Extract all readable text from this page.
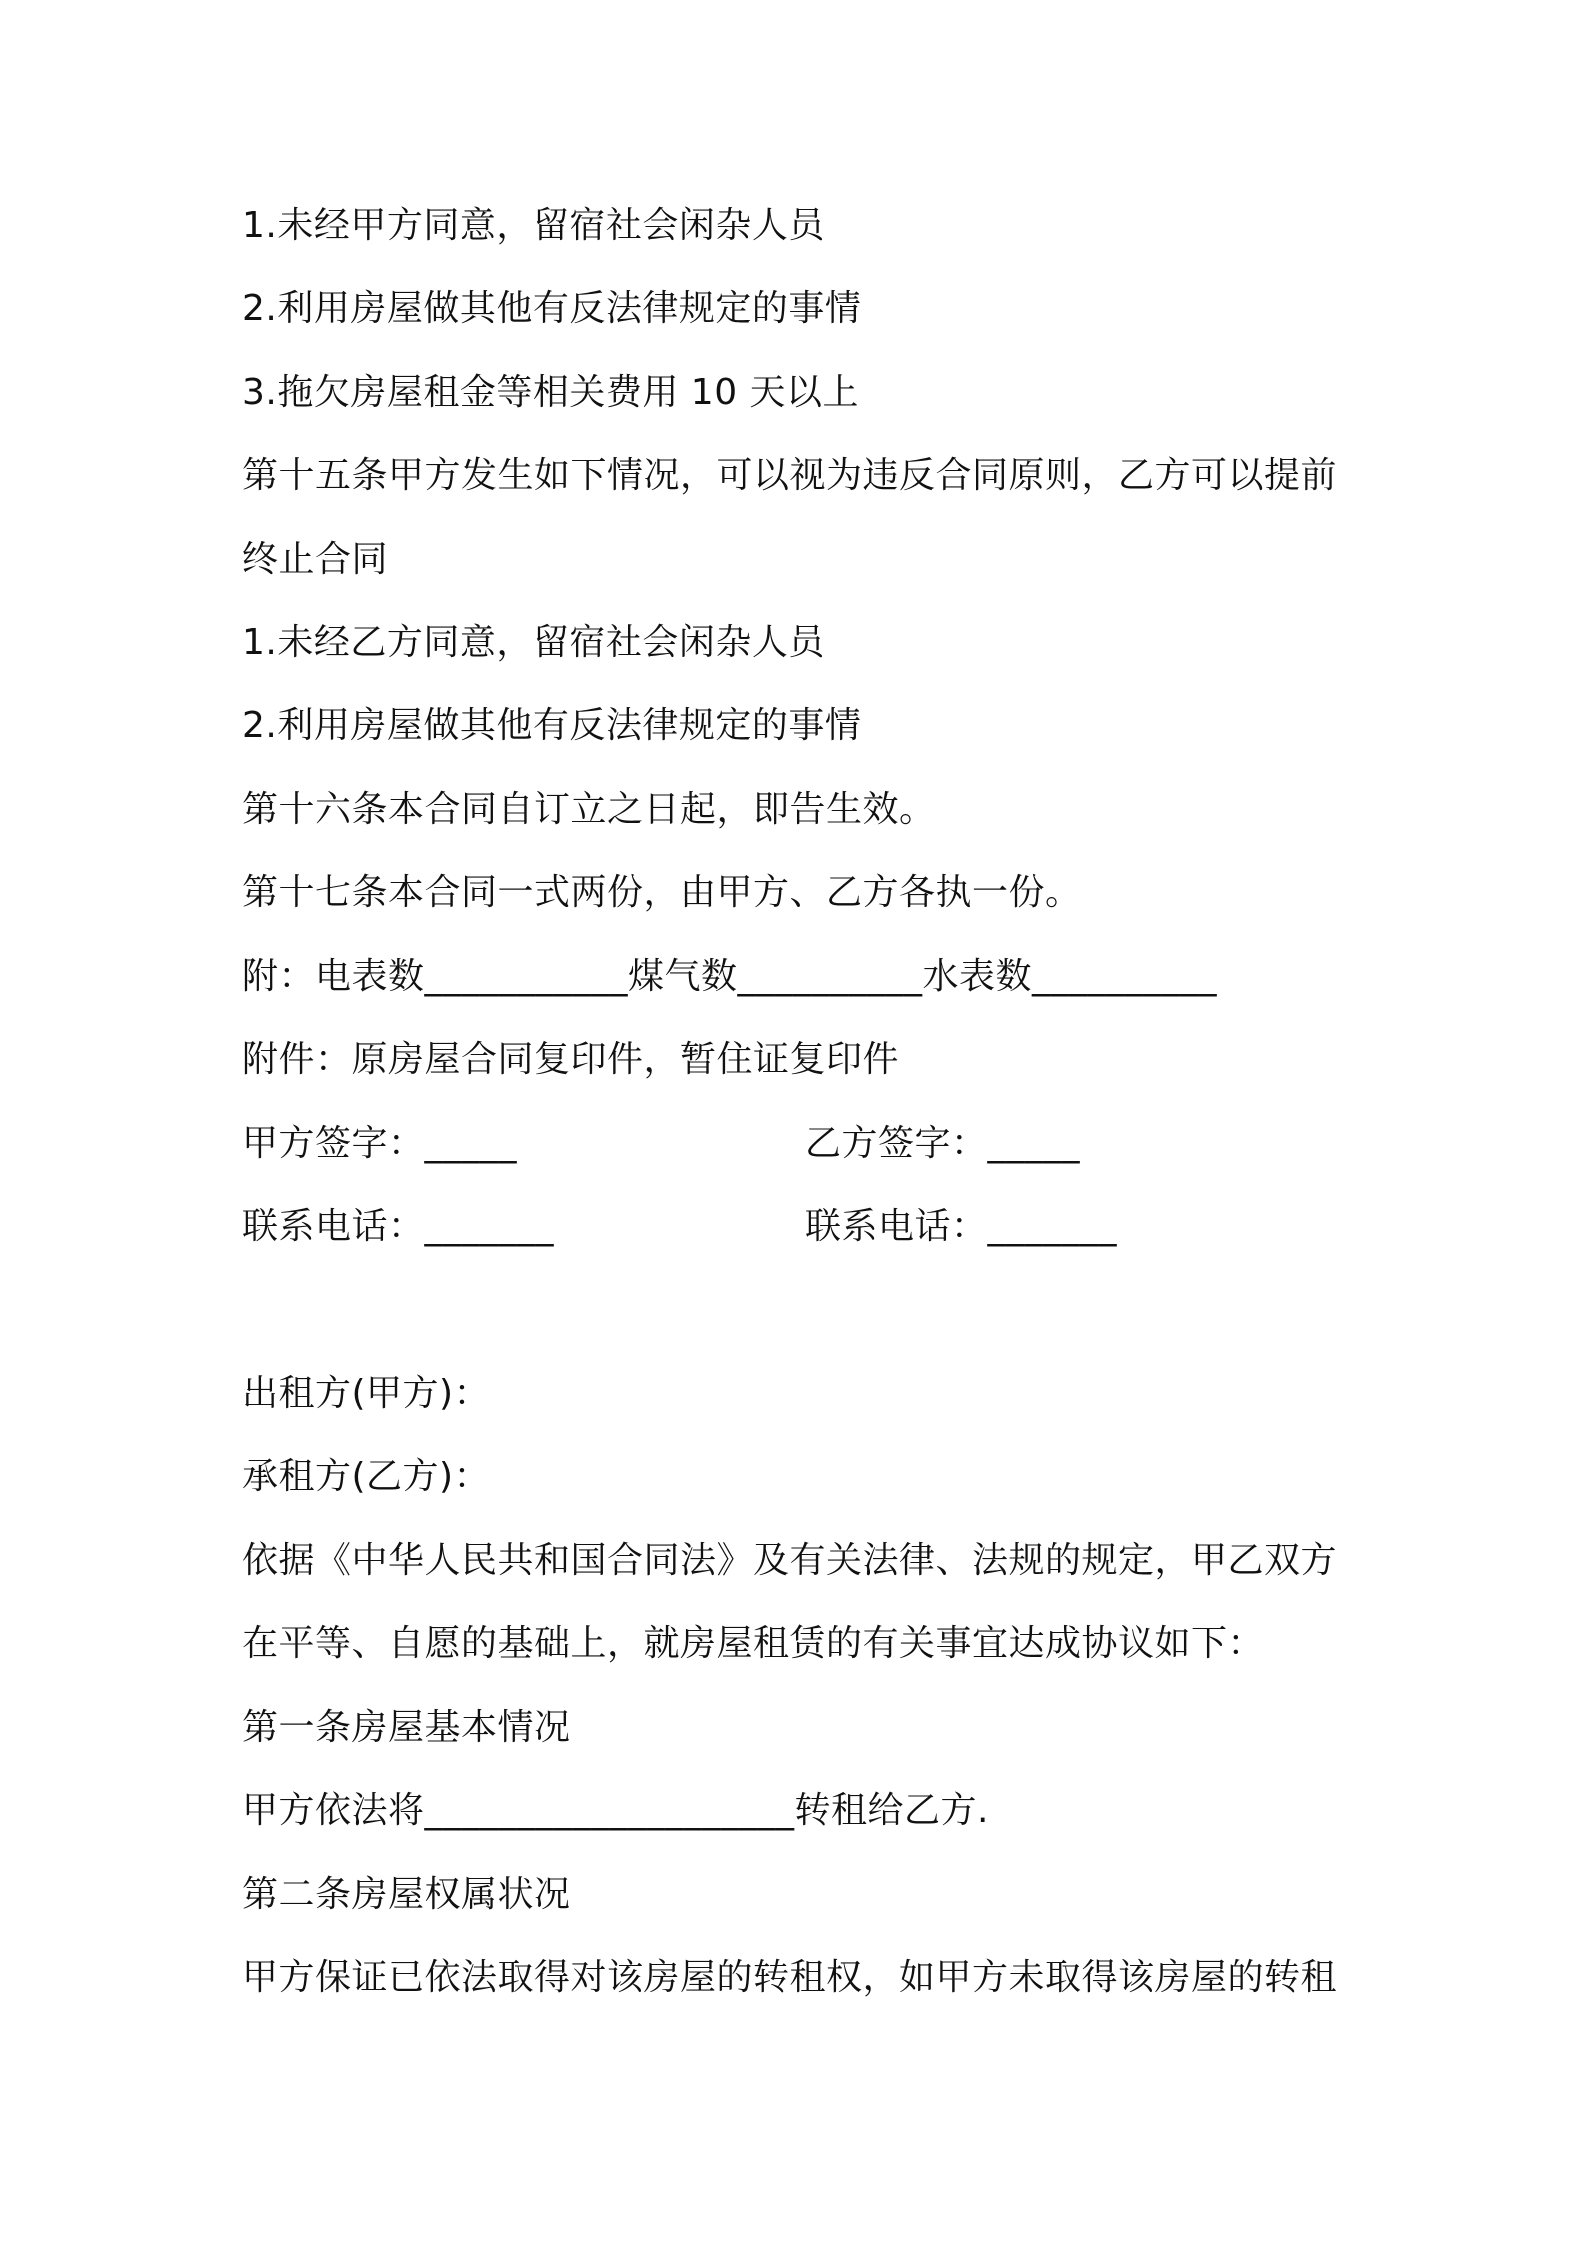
1.未经甲方同意，留宿社会闲杂人员
2.利用房屋做其他有反法律规定的事情
3.拖欠房屋租金等相关费用 10 天以上
第十五条甲方发生如下情况，可以视为违反合同原则，乙方可以提前
终止合同
1.未经乙方同意，留宿社会闲杂人员
2.利用房屋做其他有反法律规定的事情
第十六条本合同自订立之日起，即告生效。
第十七条本合同一式两份，由甲方、乙方各执一份。
附：电表数___________煤气数__________水表数__________
附件：原房屋合同复印件，暂住证复印件
甲方签字：_____	乙方签字：_____
联系电话：_______	联系电话：_______
出租方(甲方)：
承租方(乙方)：
依据《中华人民共和国合同法》及有关法律、法规的规定，甲乙双方
在平等、自愿的基础上，就房屋租赁的有关事宜达成协议如下：
第一条房屋基本情况
甲方依法将____________________转租给乙方.
第二条房屋权属状况
甲方保证已依法取得对该房屋的转租权，如甲方未取得该房屋的转租
